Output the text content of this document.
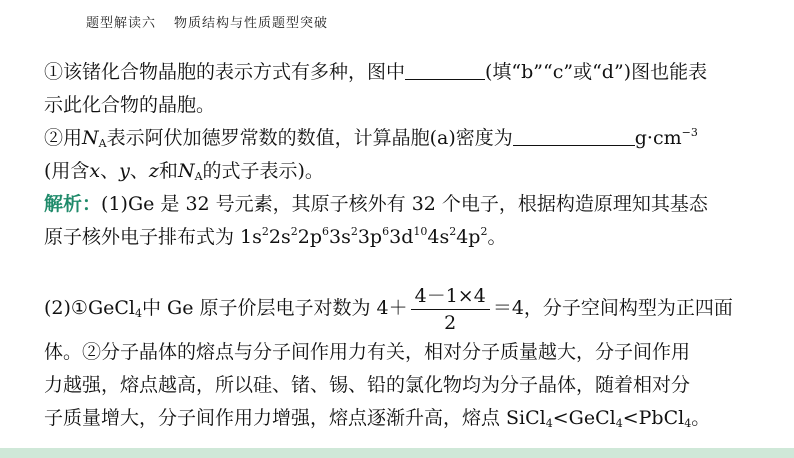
题型解读六 物质结构与性质题型突破
①该锗化合物晶胞的表示方式有多种，图中	(填“b”“c”或“d”)图也能表
示此化合物的晶胞。
②用$N_A$表示阿伏加德罗常数的数值，计算晶胞(a)密度为	$g\cdot cm^{-3}$
(用含x、y、z和$N_A$的式子表示)。
解析：(1)Ge 是 32 号元素，其原子核外有 32 个电子，根据构造原理知其基态
原子核外电子排布式为 $1s^22s^22p^63s^23p^63d^{10}4s^24p^2$。
(2)①GeCl$_4$中 Ge 原子价层电子对数为 $4+ \frac{4-1\times 4}{2} =4$，分子空间构型为正四面
体。②分子晶体的熔点与分子间作用力有关，相对分子质量越大，分子间作用
力越强，熔点越高，所以硅、锗、锡、铅的氯化物均为分子晶体，随着相对分
子质量增大，分子间作用力增强，熔点逐渐升高，熔点 SiCl$_4$<GeCl$_4$<PbCl$_4$。
